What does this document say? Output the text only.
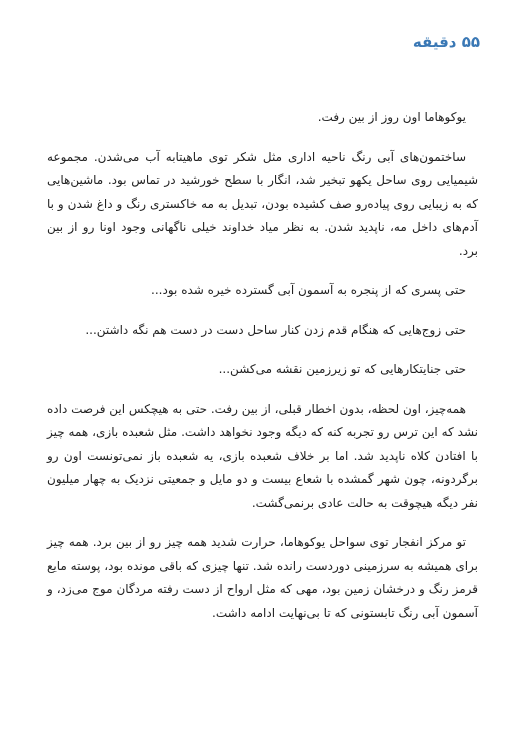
۵۵ دقیقه

یوکوهاما اون روز از بین رفت.

ساختمون‌های آبی رنگ ناحیه اداری مثل شکر توی ماهیتابه آب می‌شدن. مجموعه شیمیایی روی ساحل یکهو تبخیر شد، انگار با سطح خورشید در تماس بود. ماشین‌هایی که به زیبایی روی پیاده‌رو صف کشیده بودن، تبدیل به مه خاکستری رنگ و داغ شدن و با آدم‌های داخل مه، ناپدید شدن. به نظر میاد خداوند خیلی ناگهانی وجود اونا رو از بین برد.

حتی پسری که از پنجره به آسمون آبی گسترده خیره شده بود...

حتی زوج‌هایی که هنگام قدم زدن کنار ساحل دست در دست هم نگه داشتن...

حتی جنایتکارهایی که تو زیرزمین نقشه می‌کشن...

همه‌چیز، اون لحظه، بدون اخطار قبلی، از بین رفت. حتی به هیچکس این فرصت داده نشد که این ترس رو تجربه کنه که دیگه وجود نخواهد داشت. مثل شعبده بازی، همه چیز با افتادن کلاه ناپدید شد. اما بر خلاف شعبده بازی، یه شعبده باز نمی‌تونست اون رو برگردونه، چون شهر گمشده با شعاع بیست و دو مایل و جمعیتی نزدیک به چهار میلیون نفر دیگه هیچوقت به حالت عادی برنمی‌گشت.

تو مرکز انفجار توی سواحل یوکوهاما، حرارت شدید همه چیز رو از بین برد. همه چیز برای همیشه به سرزمینی دوردست رانده شد. تنها چیزی که باقی مونده بود، پوسته مایع قرمز رنگ و درخشان زمین بود، مهی که مثل ارواح از دست رفته مردگان موج می‌زد، و آسمون آبی رنگ تابستونی که تا بی‌نهایت ادامه داشت.
